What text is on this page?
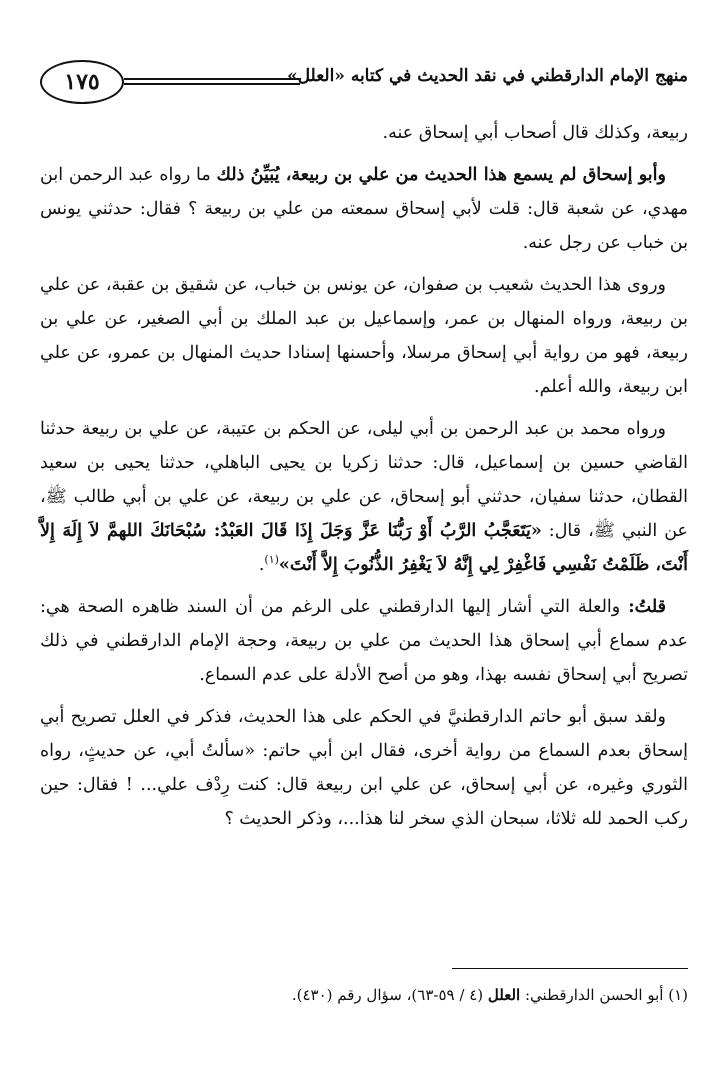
١٧٥	منهج الإمام الدارقطني في نقد الحديث في كتابه «العلل»

ربيعة، وكذلك قال أصحاب أبي إسحاق عنه.

وأبو إسحاق لم يسمع هذا الحديث من علي بن ربيعة، يُبَيِّنُ ذلك ما رواه عبد الرحمن ابن مهدي، عن شعبة قال: قلت لأبي إسحاق سمعته من علي بن ربيعة ؟ فقال: حدثني يونس بن خباب عن رجل عنه.

وروى هذا الحديث شعيب بن صفوان، عن يونس بن خباب، عن شقيق بن عقبة، عن علي بن ربيعة، ورواه المنهال بن عمر، وإسماعيل بن عبد الملك بن أبي الصغير، عن علي بن ربيعة، فهو من رواية أبي إسحاق مرسلا، وأحسنها إسنادا حديث المنهال بن عمرو، عن علي ابن ربيعة، والله أعلم.

ورواه محمد بن عبد الرحمن بن أبي ليلى، عن الحكم بن عتيبة، عن علي بن ربيعة حدثنا القاضي حسين بن إسماعيل، قال: حدثنا زكريا بن يحيى الباهلي، حدثنا يحيى بن سعيد القطان، حدثنا سفيان، حدثني أبو إسحاق، عن علي بن ربيعة، عن علي بن أبي طالب ﷺ، عن النبي ﷺ، قال: «يَتَعَجَّبُ الرَّبُ أَوْ رَبُّنَا عَزَّ وَجَلَ إِذَا قَالَ العَبْدُ: سُبْحَانَكَ اللهمَّ لاَ إِلَهَ إِلاَّ أَنْتَ، ظَلَمْتُ نَفْسِي فَاغْفِرْ لِي إِنَّهُ لاَ يَغْفِرُ الذُّنُوبَ إِلاَّ أَنْتَ»$^{(١)}$.

قلتُ: والعلة التي أشار إليها الدارقطني على الرغم من أن السند ظاهره الصحة هي: عدم سماع أبي إسحاق هذا الحديث من علي بن ربيعة، وحجة الإمام الدارقطني في ذلك تصريح أبي إسحاق نفسه بهذا، وهو من أصح الأدلة على عدم السماع.

ولقد سبق أبو حاتم الدارقطنيَّ في الحكم على هذا الحديث، فذكر في العلل تصريح أبي إسحاق بعدم السماع من رواية أخرى، فقال ابن أبي حاتم: «سألتُ أبي، عن حديثٍ، رواه الثوري وغيره، عن أبي إسحاق، عن علي ابن ربيعة قال: كنت رِدْف علي... ! فقال: حين ركب الحمد لله ثلاثا، سبحان الذي سخر لنا هذا...، وذكر الحديث ؟

(١) أبو الحسن الدارقطني: العلل (٤ / ٥٩-٦٣)، سؤال رقم (٤٣٠).
